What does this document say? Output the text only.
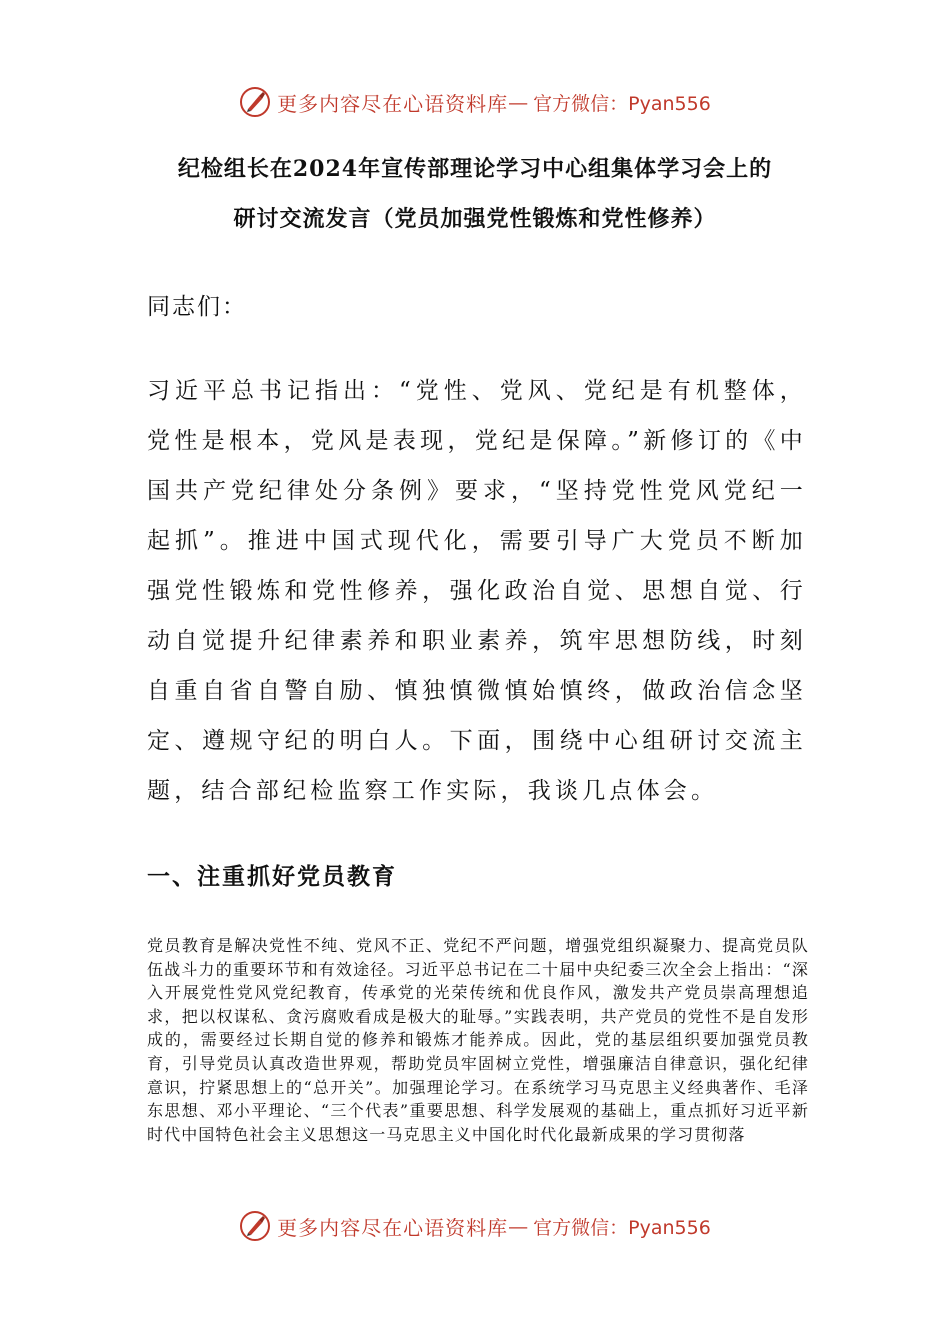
更多内容尽在心语资料库 — 官方微信：Pyan556
纪检组长在2024年宣传部理论学习中心组集体学习会上的
研讨交流发言（党员加强党性锻炼和党性修养）
同志们：

习近平总书记指出：“党性、党风、党纪是有机整体，党性是根本，党风是表现，党纪是保障。”新修订的《中国共产党纪律处分条例》要求，“坚持党性党风党纪一起抓”。推进中国式现代化，需要引导广大党员不断加强党性锻炼和党性修养，强化政治自觉、思想自觉、行动自觉提升纪律素养和职业素养，筑牢思想防线，时刻自重自省自警自励、慎独慎微慎始慎终，做政治信念坚定、遵规守纪的明白人。下面，围绕中心组研讨交流主题，结合部纪检监察工作实际，我谈几点体会。

一、注重抓好党员教育

党员教育是解决党性不纯、党风不正、党纪不严问题，增强党组织凝聚力、提高党员队伍战斗力的重要环节和有效途径。习近平总书记在二十届中央纪委三次全会上指出：“深入开展党性党风党纪教育，传承党的光荣传统和优良作风，激发共产党员崇高理想追求，把以权谋私、贪污腐败看成是极大的耻辱。”实践表明，共产党员的党性不是自发形成的，需要经过长期自觉的修养和锻炼才能养成。因此，党的基层组织要加强党员教育，引导党员认真改造世界观，帮助党员牢固树立党性，增强廉洁自律意识，强化纪律意识，拧紧思想上的“总开关”。加强理论学习。在系统学习马克思主义经典著作、毛泽东思想、邓小平理论、“三个代表”重要思想、科学发展观的基础上，重点抓好习近平新时代中国特色社会主义思想这一马克思主义中国化时代化最新成果的学习贯彻落

更多内容尽在心语资料库 — 官方微信：Pyan556
